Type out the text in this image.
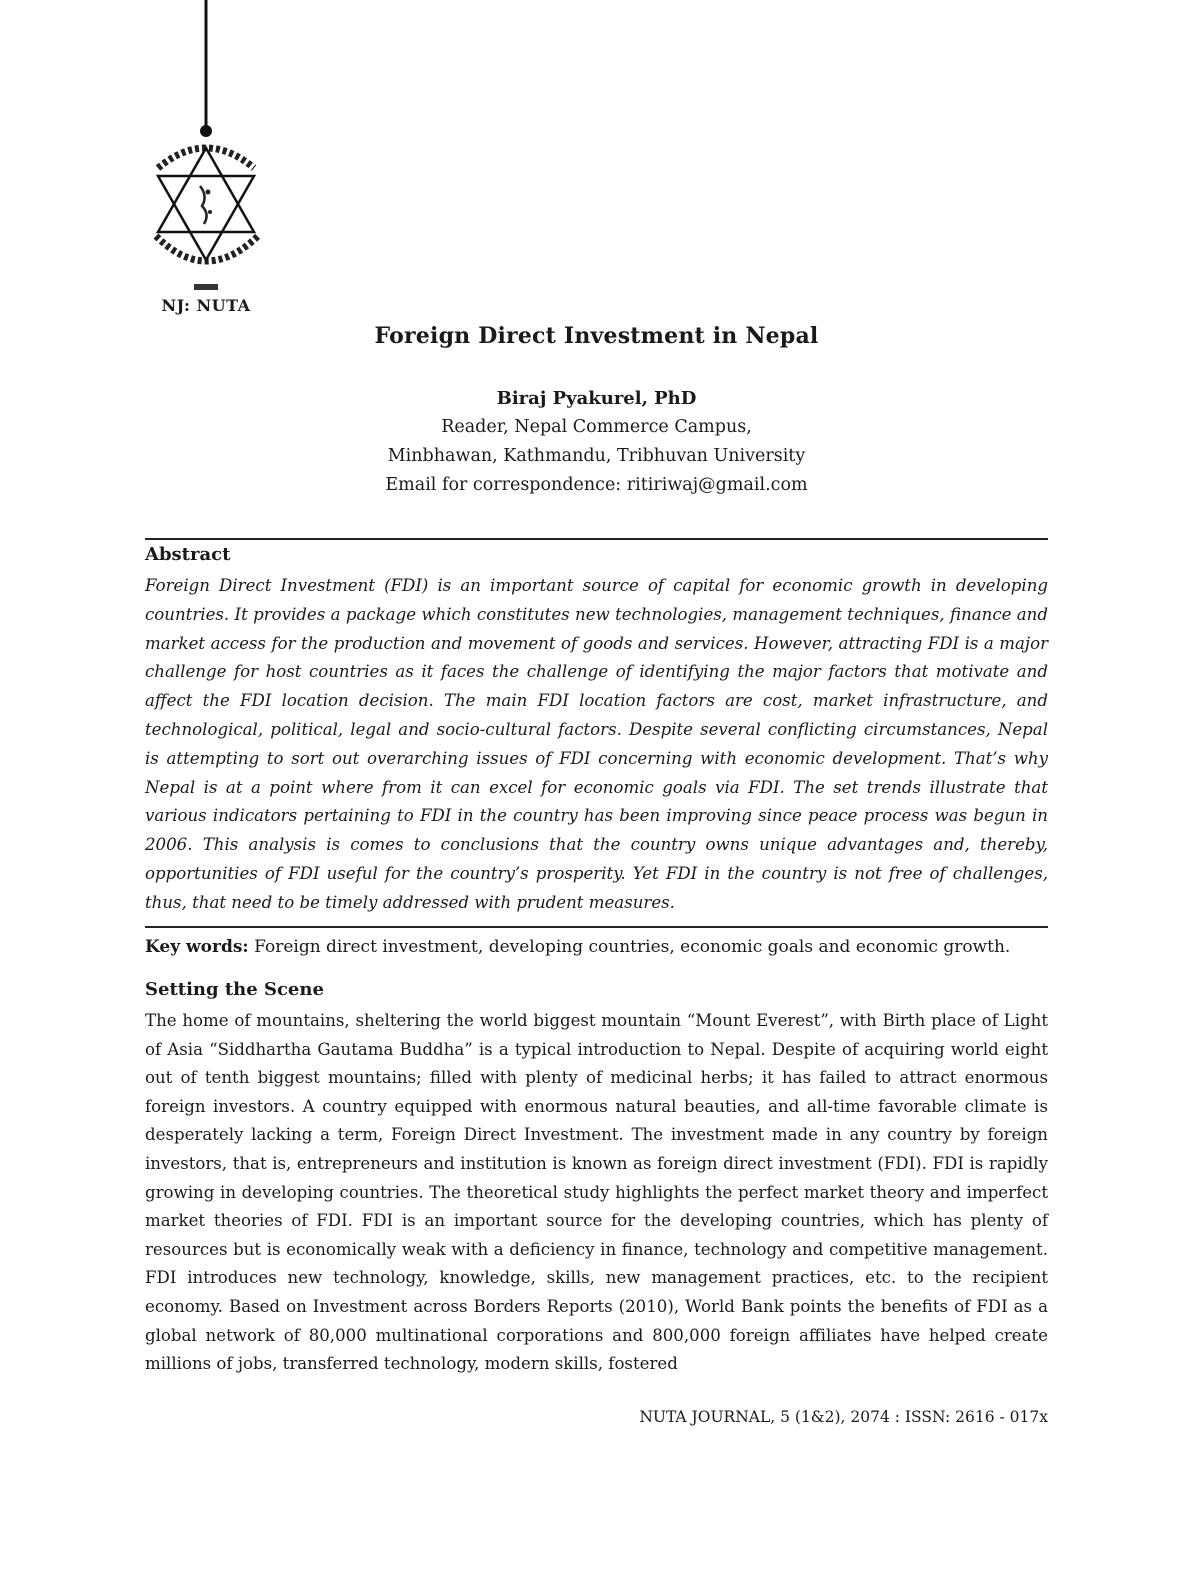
NJ: NUTA
Foreign Direct Investment in Nepal
Biraj Pyakurel, PhD
Reader, Nepal Commerce Campus,
Minbhawan, Kathmandu, Tribhuvan University
Email for correspondence: ritiriwaj@gmail.com
Abstract

Foreign Direct Investment (FDI) is an important source of capital for economic growth in developing countries. It provides a package which constitutes new technologies, management techniques, finance and market access for the production and movement of goods and services. However, attracting FDI is a major challenge for host countries as it faces the challenge of identifying the major factors that motivate and affect the FDI location decision. The main FDI location factors are cost, market infrastructure, and technological, political, legal and socio-cultural factors. Despite several conflicting circumstances, Nepal is attempting to sort out overarching issues of FDI concerning with economic development. That’s why Nepal is at a point where from it can excel for economic goals via FDI. The set trends illustrate that various indicators pertaining to FDI in the country has been improving since peace process was begun in 2006. This analysis is comes to conclusions that the country owns unique advantages and, thereby, opportunities of FDI useful for the country’s prosperity. Yet FDI in the country is not free of challenges, thus, that need to be timely addressed with prudent measures.

Key words: Foreign direct investment, developing countries, economic goals and economic growth.
Setting the Scene

The home of mountains, sheltering the world biggest mountain “Mount Everest”, with Birth place of Light of Asia “Siddhartha Gautama Buddha” is a typical introduction to Nepal. Despite of acquiring world eight out of tenth biggest mountains; filled with plenty of medicinal herbs; it has failed to attract enormous foreign investors. A country equipped with enormous natural beauties, and all-time favorable climate is desperately lacking a term, Foreign Direct Investment. The investment made in any country by foreign investors, that is, entrepreneurs and institution is known as foreign direct investment (FDI). FDI is rapidly growing in developing countries. The theoretical study highlights the perfect market theory and imperfect market theories of FDI. FDI is an important source for the developing countries, which has plenty of resources but is economically weak with a deficiency in finance, technology and competitive management. FDI introduces new technology, knowledge, skills, new management practices, etc. to the recipient economy. Based on Investment across Borders Reports (2010), World Bank points the benefits of FDI as a global network of 80,000 multinational corporations and 800,000 foreign affiliates have helped create millions of jobs, transferred technology, modern skills, fostered

NUTA JOURNAL, 5 (1&2), 2074 : ISSN: 2616 - 017x
